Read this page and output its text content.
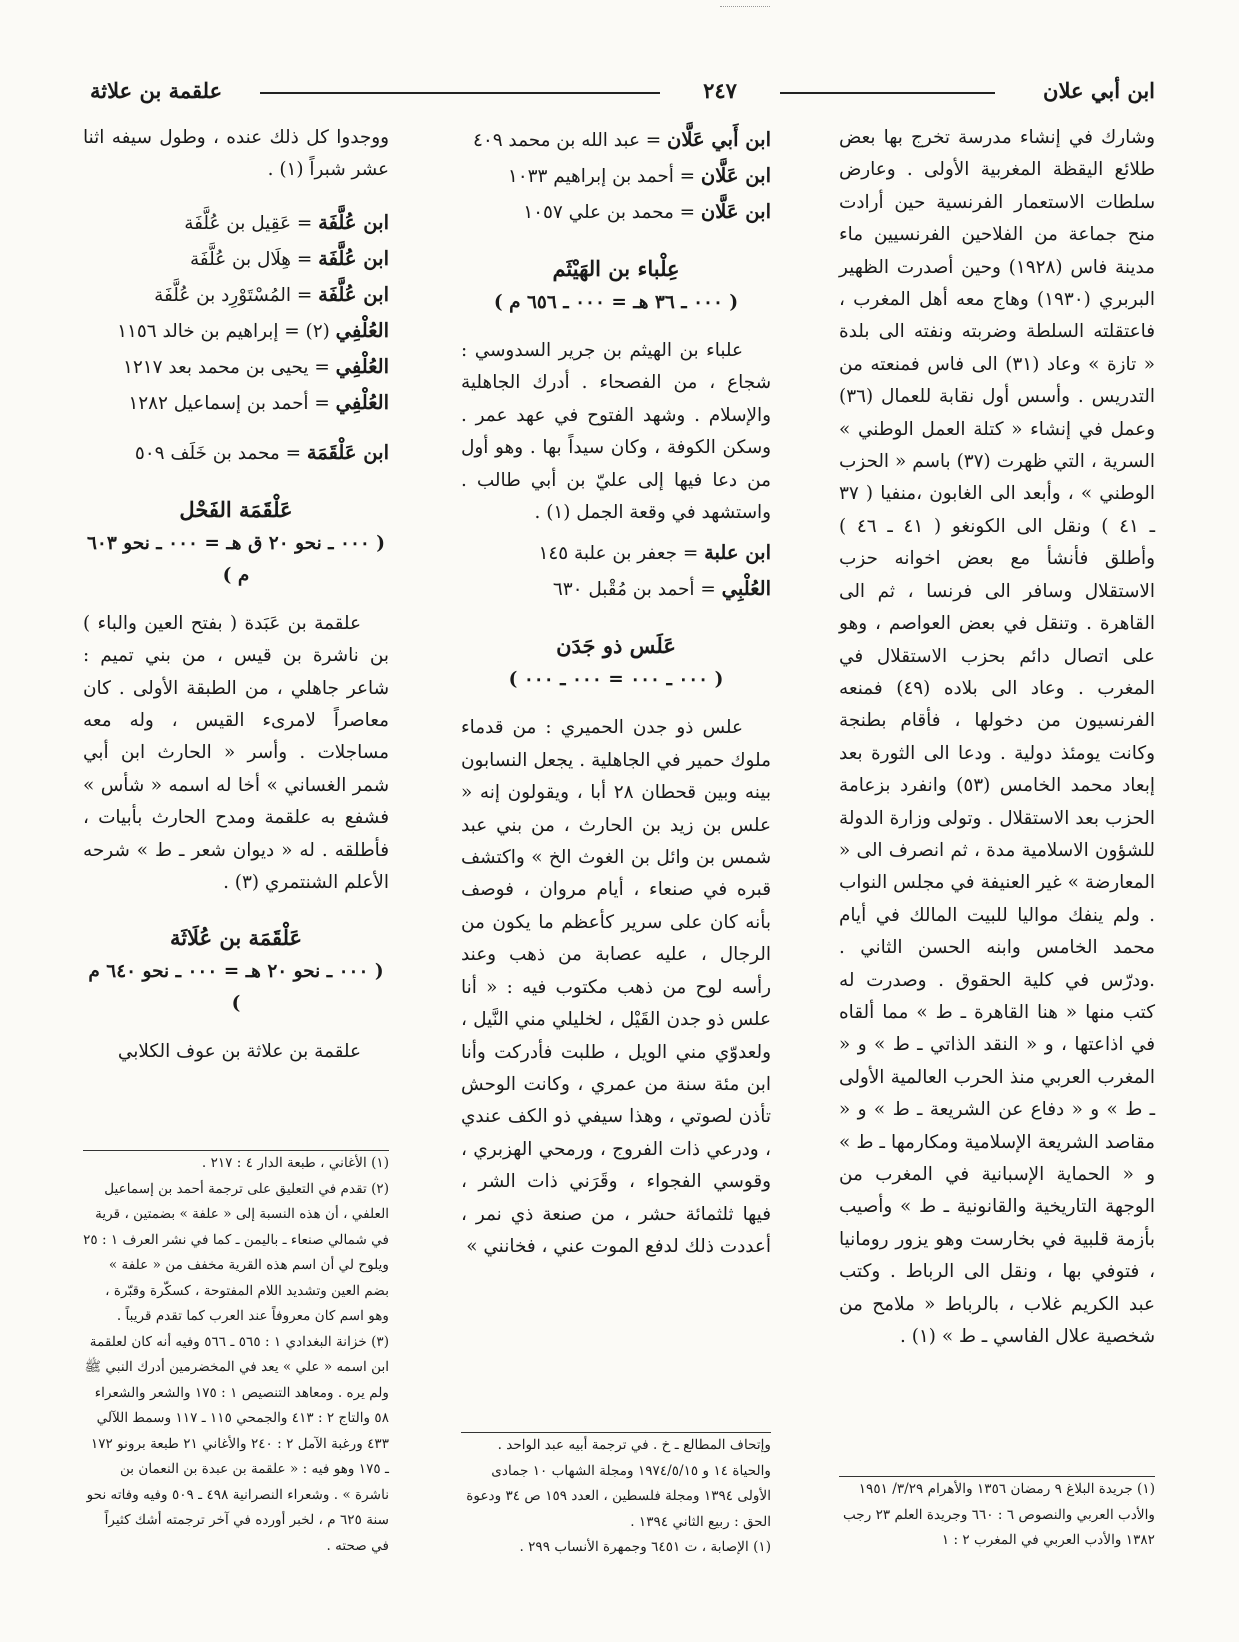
ابن أبي علان
٢٤٧
علقمة بن علاثة

وشارك في إنشاء مدرسة تخرج بها بعض طلائع اليقظة المغربية الأولى . وعارض سلطات الاستعمار الفرنسية حين أرادت منح جماعة من الفلاحين الفرنسيين ماء مدينة فاس (١٩٢٨) وحين أصدرت الظهير البربري (١٩٣٠) وهاج معه أهل المغرب ، فاعتقلته السلطة وضربته ونفته الى بلدة « تازة » وعاد (٣١) الى فاس فمنعته من التدريس . وأسس أول نقابة للعمال (٣٦) وعمل في إنشاء « كتلة العمل الوطني » السرية ، التي ظهرت (٣٧) باسم « الحزب الوطني » ، وأبعد الى الغابون ،منفيا ( ٣٧ ـ ٤١ ) ونقل الى الكونغو ( ٤١ ـ ٤٦ ) وأطلق فأنشأ مع بعض اخوانه حزب الاستقلال وسافر الى فرنسا ، ثم الى القاهرة . وتنقل في بعض العواصم ، وهو على اتصال دائم بحزب الاستقلال في المغرب . وعاد الى بلاده (٤٩) فمنعه الفرنسيون من دخولها ، فأقام بطنجة وكانت يومئذ دولية . ودعا الى الثورة بعد إبعاد محمد الخامس (٥٣) وانفرد بزعامة الحزب بعد الاستقلال . وتولى وزارة الدولة للشؤون الاسلامية مدة ، ثم انصرف الى « المعارضة » غير العنيفة في مجلس النواب . ولم ينفك مواليا للبيت المالك في أيام محمد الخامس وابنه الحسن الثاني . .ودرّس في كلية الحقوق . وصدرت له كتب منها « هنا القاهرة ـ ط » مما ألقاه في اذاعتها ، و « النقد الذاتي ـ ط » و « المغرب العربي منذ الحرب العالمية الأولى ـ ط » و « دفاع عن الشريعة ـ ط » و « مقاصد الشريعة الإسلامية ومكارمها ـ ط » و « الحماية الإسبانية في المغرب من الوجهة التاريخية والقانونية ـ ط » وأصيب بأزمة قلبية في بخارست وهو يزور رومانيا ، فتوفي بها ، ونقل الى الرباط . وكتب عبد الكريم غلاب ، بالرباط « ملامح من شخصية علال الفاسي ـ ط » (١) .

(١) جريدة البلاغ ٩ رمضان ١٣٥٦ والأهرام ٣/٢٩/ ١٩٥١ والأدب العربي والنصوص ٦ : ٦٦٠ وجريدة العلم ٢٣ رجب ١٣٨٢ والأدب العربي في المغرب ٢ : ١

ابن أَبي عَلَّان = عبد الله بن محمد ٤٠٩

ابن عَلَّان = أحمد بن إبراهيم ١٠٣٣

ابن عَلَّان = محمد بن علي ١٠٥٧

عِلْباء بن الهَيْثَم

( ٠٠٠ ـ ٣٦ هـ = ٠٠٠ ـ ٦٥٦ م )

علباء بن الهيثم بن جرير السدوسي : شجاع ، من الفصحاء . أدرك الجاهلية والإسلام . وشهد الفتوح في عهد عمر . وسكن الكوفة ، وكان سيداً بها . وهو أول من دعا فيها إلى عليّ بن أبي طالب . واستشهد في وقعة الجمل (١) .

ابن علبة = جعفر بن علبة ١٤٥

العُلْبِي = أحمد بن مُقْبل ٦٣٠

عَلَس ذو جَدَن

( ٠٠٠ ـ ٠٠٠ = ٠٠٠ ـ ٠٠٠ )

علس ذو جدن الحميري : من قدماء ملوك حمير في الجاهلية . يجعل النسابون بينه وبين قحطان ٢٨ أبا ، ويقولون إنه « علس بن زيد بن الحارث ، من بني عبد شمس بن وائل بن الغوث الخ » واكتشف قبره في صنعاء ، أيام مروان ، فوصف بأنه كان على سرير كأعظم ما يكون من الرجال ، عليه عصابة من ذهب وعند رأسه لوح من ذهب مكتوب فيه : « أنا علس ذو جدن القَيْل ، لخليلي مني النَّيل ، ولعدوّي مني الويل ، طلبت فأدركت وأنا ابن مئة سنة من عمري ، وكانت الوحش تأذن لصوتي ، وهذا سيفي ذو الكف عندي ، ودرعي ذات الفروج ، ورمحي الهزبري ، وقوسي الفجواء ، وقَرَني ذات الشر ، فيها ثلثمائة حشر ، من صنعة ذي نمر ، أعددت ذلك لدفع الموت عني ، فخانني »

وإتحاف المطالع ـ خ . في ترجمة أبيه عبد الواحد . والحياة ١٤ و ١٩٧٤/٥/١٥ ومجلة الشهاب ١٠ جمادى الأولى ١٣٩٤ ومجلة فلسطين ، العدد ١٥٩ ص ٣٤ ودعوة الحق : ربيع الثاني ١٣٩٤ .

(١) الإصابة ، ت ٦٤٥١ وجمهرة الأنساب ٢٩٩ .

ووجدوا كل ذلك عنده ، وطول سيفه اثنا عشر شبراً (١) .

ابن عُلَّفَة = عَقِيل بن عُلَّفَة

ابن عُلَّفَة = هِلَال بن عُلَّفَة

ابن عُلَّفَة = المُسْتَوْرِد بن عُلَّفَة

العُلْفِي (٢) = إبراهيم بن خالد ١١٥٦

العُلْفِي = يحيى بن محمد بعد ١٢١٧

العُلْفِي = أحمد بن إسماعيل ١٢٨٢

ابن عَلْقَمَة = محمد بن خَلَف ٥٠٩

عَلْقَمَة الفَحْل

( ٠٠٠ ـ نحو ٢٠ ق هـ = ٠٠٠ ـ نحو ٦٠٣ م )

علقمة بن عَبَدة ( بفتح العين والباء ) بن ناشرة بن قيس ، من بني تميم : شاعر جاهلي ، من الطبقة الأولى . كان معاصراً لامرىء القيس ، وله معه مساجلات . وأسر « الحارث ابن أبي شمر الغساني » أخا له اسمه « شأس » فشفع به علقمة ومدح الحارث بأبيات ، فأطلقه . له « ديوان شعر ـ ط » شرحه الأعلم الشنتمري (٣) .

عَلْقَمَة بن عُلَاثَة

( ٠٠٠ ـ نحو ٢٠ هـ = ٠٠٠ ـ نحو ٦٤٠ م )

علقمة بن علاثة بن عوف الكلابي

(١) الأغاني ، طبعة الدار ٤ : ٢١٧ .

(٢) تقدم في التعليق على ترجمة أحمد بن إسماعيل العلفي ، أن هذه النسبة إلى « علفة » بضمتين ، قرية في شمالي صنعاء ـ باليمن ـ كما في نشر العرف ١ : ٢٥ ويلوح لي أن اسم هذه القرية مخفف من « علفة » بضم العين وتشديد اللام المفتوحة ، كسكّرة وقبّرة ، وهو اسم كان معروفاً عند العرب كما تقدم قريباً .

(٣) خزانة البغدادي ١ : ٥٦٥ ـ ٥٦٦ وفيه أنه كان لعلقمة ابن اسمه « علي » يعد في المخضرمين أدرك النبي ﷺ ولم يره . ومعاهد التنصيص ١ : ١٧٥ والشعر والشعراء ٥٨ والتاج ٢ : ٤١٣ والجمحي ١١٥ ـ ١١٧ وسمط اللآلي ٤٣٣ ورغبة الآمل ٢ : ٢٤٠ والأغاني ٢١ طبعة برونو ١٧٢ ـ ١٧٥ وهو فيه : « علقمة بن عبدة بن النعمان بن ناشرة » . وشعراء النصرانية ٤٩٨ ـ ٥٠٩ وفيه وفاته نحو سنة ٦٢٥ م ، لخبر أورده في آخر ترجمته أشك كثيراً في صحته .
